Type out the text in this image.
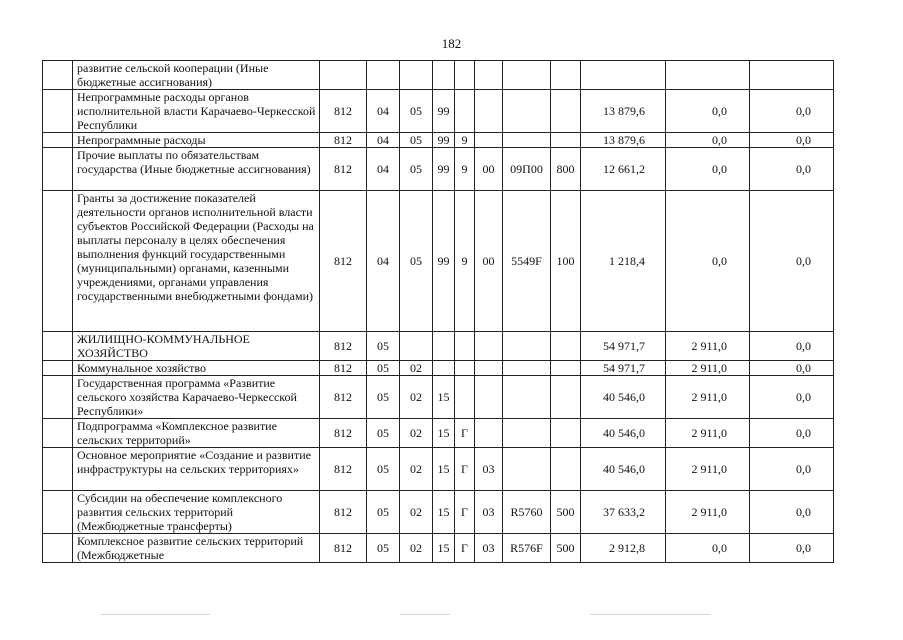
182
	развитие сельской кооперации (Иные бюджетные ассигнования)											
	Непрограммные расходы органов исполнительной власти Карачаево-Черкесской Республики	812	04	05	99					13 879,6	0,0	0,0
	Непрограммные расходы	812	04	05	99	9				13 879,6	0,0	0,0
	Прочие выплаты по обязательствам государства (Иные бюджетные ассигнования)	812	04	05	99	9	00	09П00	800	12 661,2	0,0	0,0
	Гранты за достижение показателей деятельности органов исполнительной власти субъектов Российской Федерации (Расходы на выплаты персоналу в целях обеспечения выполнения функций государственными (муниципальными) органами, казенными учреждениями, органами управления государственными внебюджетными фондами)	812	04	05	99	9	00	5549F	100	1 218,4	0,0	0,0
	ЖИЛИЩНО-КОММУНАЛЬНОЕ ХОЗЯЙСТВО	812	05							54 971,7	2 911,0	0,0
	Коммунальное хозяйство	812	05	02						54 971,7	2 911,0	0,0
	Государственная программа «Развитие сельского хозяйства Карачаево-Черкесской Республики»	812	05	02	15					40 546,0	2 911,0	0,0
	Подпрограмма «Комплексное развитие сельских территорий»	812	05	02	15	Г				40 546,0	2 911,0	0,0
	Основное мероприятие «Создание и развитие инфраструктуры на сельских территориях»	812	05	02	15	Г	03			40 546,0	2 911,0	0,0
	Субсидии на обеспечение комплексного развития сельских территорий (Межбюджетные трансферты)	812	05	02	15	Г	03	R5760	500	37 633,2	2 911,0	0,0
	Комплексное развитие сельских территорий (Межбюджетные	812	05	02	15	Г	03	R576F	500	2 912,8	0,0	0,0
